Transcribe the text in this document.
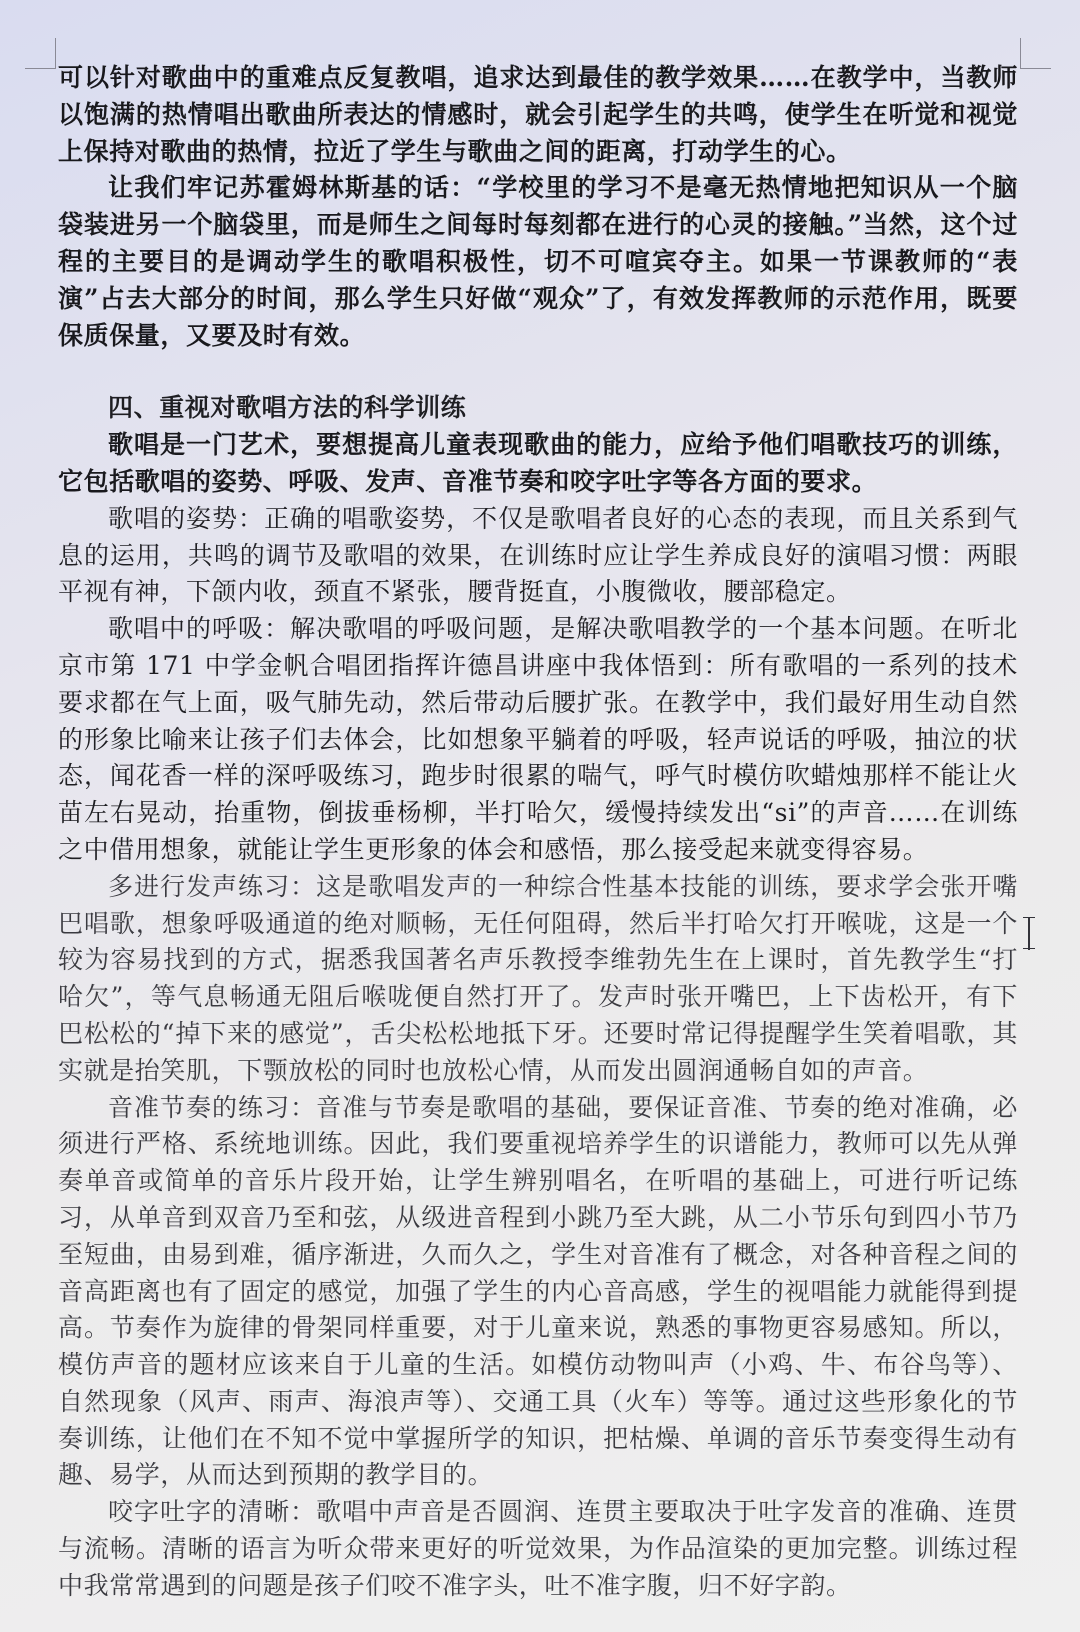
可以针对歌曲中的重难点反复教唱，追求达到最佳的教学效果……在教学中，当教师以饱满的热情唱出歌曲所表达的情感时，就会引起学生的共鸣，使学生在听觉和视觉上保持对歌曲的热情，拉近了学生与歌曲之间的距离，打动学生的心。

让我们牢记苏霍姆林斯基的话：“学校里的学习不是毫无热情地把知识从一个脑袋装进另一个脑袋里，而是师生之间每时每刻都在进行的心灵的接触。”当然，这个过程的主要目的是调动学生的歌唱积极性，切不可喧宾夺主。如果一节课教师的“表演”占去大部分的时间，那么学生只好做“观众”了，有效发挥教师的示范作用，既要保质保量，又要及时有效。

四、重视对歌唱方法的科学训练

歌唱是一门艺术，要想提高儿童表现歌曲的能力，应给予他们唱歌技巧的训练，它包括歌唱的姿势、呼吸、发声、音准节奏和咬字吐字等各方面的要求。

歌唱的姿势：正确的唱歌姿势，不仅是歌唱者良好的心态的表现，而且关系到气息的运用，共鸣的调节及歌唱的效果，在训练时应让学生养成良好的演唱习惯：两眼平视有神，下颌内收，颈直不紧张，腰背挺直，小腹微收，腰部稳定。

歌唱中的呼吸：解决歌唱的呼吸问题，是解决歌唱教学的一个基本问题。在听北京市第 171 中学金帆合唱团指挥许德昌讲座中我体悟到：所有歌唱的一系列的技术要求都在气上面，吸气肺先动，然后带动后腰扩张。在教学中，我们最好用生动自然的形象比喻来让孩子们去体会，比如想象平躺着的呼吸，轻声说话的呼吸，抽泣的状态，闻花香一样的深呼吸练习，跑步时很累的喘气，呼气时模仿吹蜡烛那样不能让火苗左右晃动，抬重物，倒拔垂杨柳，半打哈欠，缓慢持续发出“si”的声音……在训练之中借用想象，就能让学生更形象的体会和感悟，那么接受起来就变得容易。

多进行发声练习：这是歌唱发声的一种综合性基本技能的训练，要求学会张开嘴巴唱歌，想象呼吸通道的绝对顺畅，无任何阻碍，然后半打哈欠打开喉咙，这是一个较为容易找到的方式，据悉我国著名声乐教授李维勃先生在上课时，首先教学生“打哈欠”，等气息畅通无阻后喉咙便自然打开了。发声时张开嘴巴，上下齿松开，有下巴松松的“掉下来的感觉”，舌尖松松地抵下牙。还要时常记得提醒学生笑着唱歌，其实就是抬笑肌，下颚放松的同时也放松心情，从而发出圆润通畅自如的声音。

音准节奏的练习：音准与节奏是歌唱的基础，要保证音准、节奏的绝对准确，必须进行严格、系统地训练。因此，我们要重视培养学生的识谱能力，教师可以先从弹奏单音或简单的音乐片段开始，让学生辨别唱名，在听唱的基础上，可进行听记练习，从单音到双音乃至和弦，从级进音程到小跳乃至大跳，从二小节乐句到四小节乃至短曲，由易到难，循序渐进，久而久之，学生对音准有了概念，对各种音程之间的音高距离也有了固定的感觉，加强了学生的内心音高感，学生的视唱能力就能得到提高。节奏作为旋律的骨架同样重要，对于儿童来说，熟悉的事物更容易感知。所以，模仿声音的题材应该来自于儿童的生活。如模仿动物叫声（小鸡、牛、布谷鸟等）、自然现象（风声、雨声、海浪声等）、交通工具（火车）等等。通过这些形象化的节奏训练，让他们在不知不觉中掌握所学的知识，把枯燥、单调的音乐节奏变得生动有趣、易学，从而达到预期的教学目的。

咬字吐字的清晰：歌唱中声音是否圆润、连贯主要取决于吐字发音的准确、连贯与流畅。清晰的语言为听众带来更好的听觉效果，为作品渲染的更加完整。训练过程中我常常遇到的问题是孩子们咬不准字头，吐不准字腹，归不好字韵。
